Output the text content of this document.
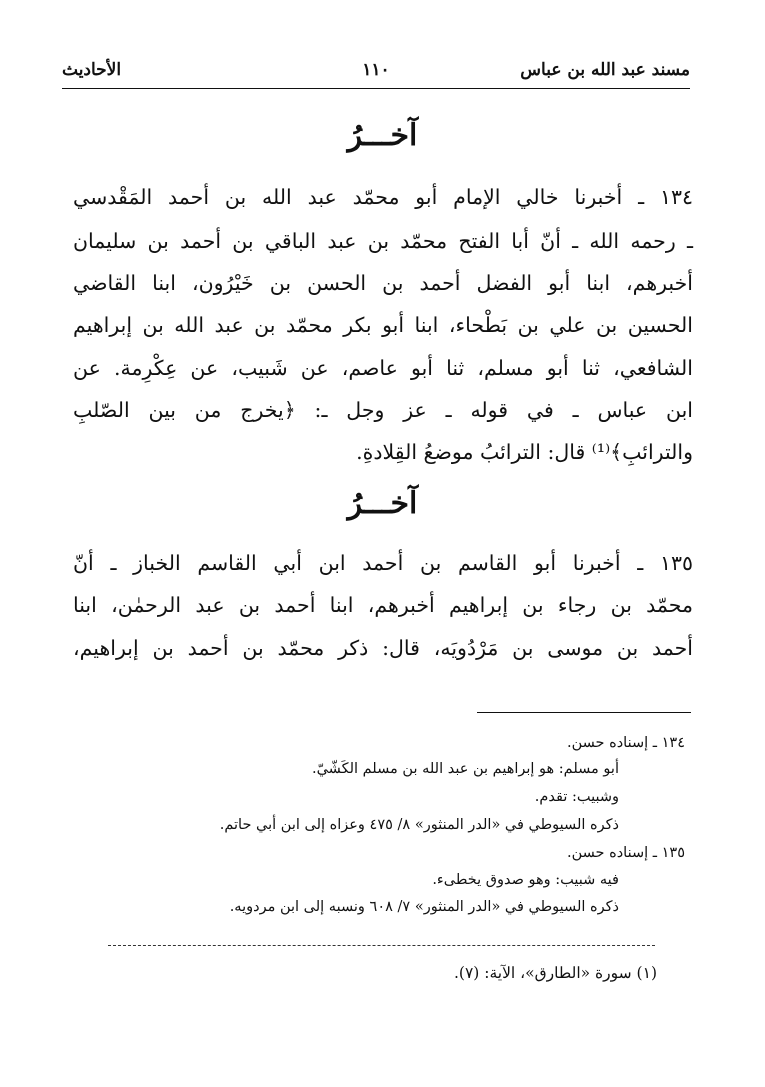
مسند عبد الله بن عباس
١١٠
الأحاديث
آخـــرُ
١٣٤ ـ أخبرنا خالي الإمام أبو محمّد عبد الله بن أحمد المَقْدسي
ـ رحمه الله ـ أنّ أبا الفتح محمّد بن عبد الباقي بن أحمد بن سليمان
أخبرهم، ابنا أبو الفضل أحمد بن الحسن بن خَيْرُون، ابنا القاضي
الحسين بن علي بن بَطْحاء، ابنا أبو بكر محمّد بن عبد الله بن إبراهيم
الشافعي، ثنا أبو مسلم، ثنا أبو عاصم، عن شَبيب، عن عِكْرِمة. عن
ابن عباس ـ في قوله ـ عز وجل ـ: ﴿يخرج من بين الصّلبِ
والترائبِ﴾⁽¹⁾ قال: الترائبُ موضعُ القِلادةِ.
آخـــرُ
١٣٥ ـ أخبرنا أبو القاسم بن أحمد ابن أبي القاسم الخباز ـ أنّ
محمّد بن رجاء بن إبراهيم أخبرهم، ابنا أحمد بن عبد الرحمٰن، ابنا
أحمد بن موسى بن مَرْدُويَه، قال: ذكر محمّد بن أحمد بن إبراهيم،
١٣٤ ـ إسناده حسن.
أبو مسلم: هو إبراهيم بن عبد الله بن مسلم الكَشّيّ.
وشبيب: تقدم.
ذكره السيوطي في «الدر المنثور» ٨/ ٤٧٥ وعزاه إلى ابن أبي حاتم.
١٣٥ ـ إسناده حسن.
فيه شبيب: وهو صدوق يخطىء.
ذكره السيوطي في «الدر المنثور» ٧/ ٦٠٨ ونسبه إلى ابن مردويه.
(١) سورة «الطارق»، الآية: (٧).
